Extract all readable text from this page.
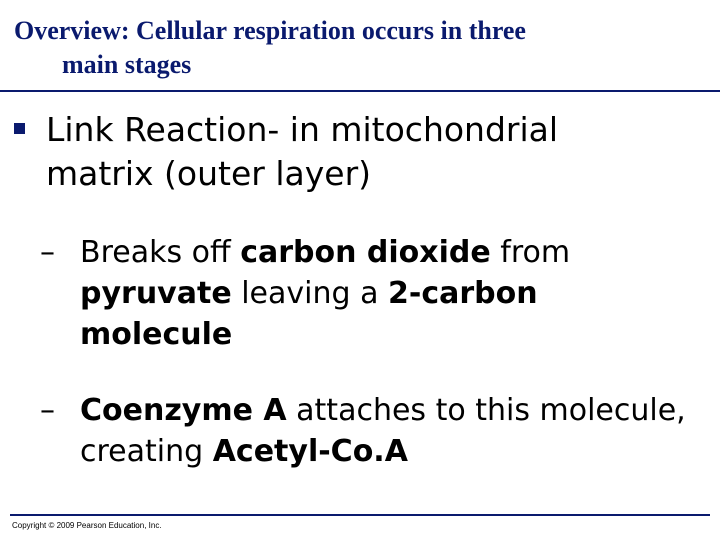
Overview: Cellular respiration occurs in three
main stages
Link Reaction- in mitochondrial
matrix (outer layer)
– Breaks off carbon dioxide from pyruvate leaving a 2-carbon molecule
– Coenzyme A attaches to this molecule, creating Acetyl-Co.A
Copyright © 2009 Pearson Education, Inc.
